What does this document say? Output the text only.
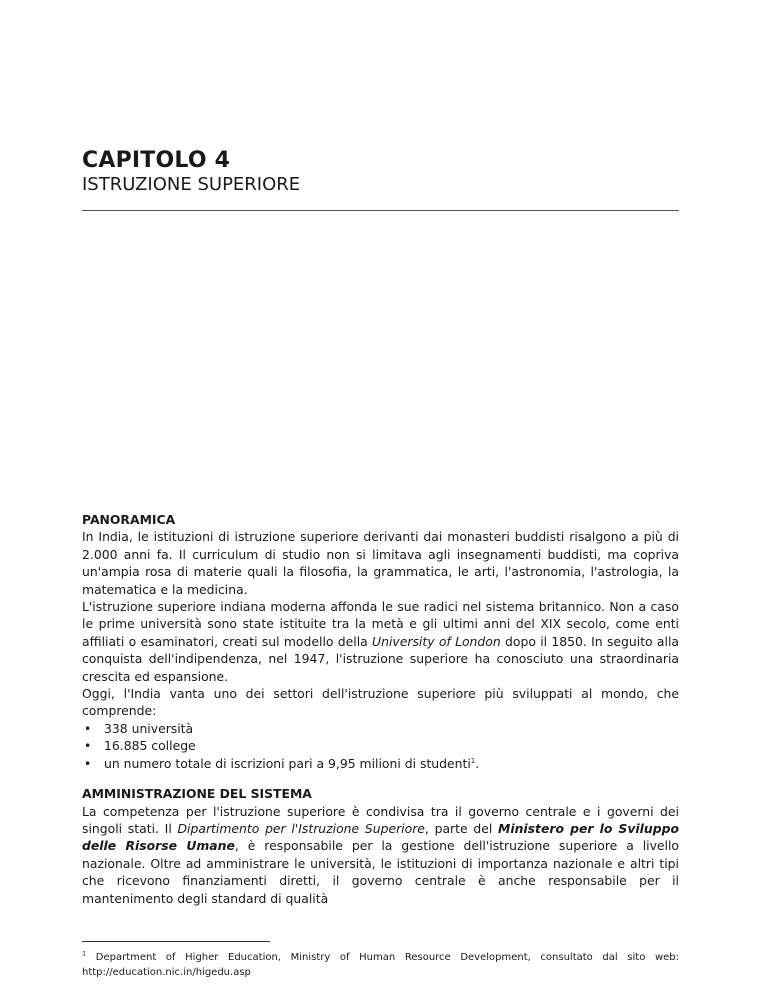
CAPITOLO 4
ISTRUZIONE SUPERIORE

PANORAMICA

In India, le istituzioni di istruzione superiore derivanti dai monasteri buddisti risalgono a più di 2.000 anni fa. Il curriculum di studio non si limitava agli insegnamenti buddisti, ma copriva un'ampia rosa di materie quali la filosofia, la grammatica, le arti, l'astronomia, l'astrologia, la matematica e la medicina.

L'istruzione superiore indiana moderna affonda le sue radici nel sistema britannico. Non a caso le prime università sono state istituite tra la metà e gli ultimi anni del XIX secolo, come enti affiliati o esaminatori, creati sul modello della University of London dopo il 1850. In seguito alla conquista dell'indipendenza, nel 1947, l'istruzione superiore ha conosciuto una straordinaria crescita ed espansione.

Oggi, l'India vanta uno dei settori dell'istruzione superiore più sviluppati al mondo, che comprende:

• 338 università
• 16.885 college
• un numero totale di iscrizioni pari a 9,95 milioni di studenti$^1$.

AMMINISTRAZIONE DEL SISTEMA

La competenza per l'istruzione superiore è condivisa tra il governo centrale e i governi dei singoli stati. Il Dipartimento per l'Istruzione Superiore, parte del Ministero per lo Sviluppo delle Risorse Umane, è responsabile per la gestione dell'istruzione superiore a livello nazionale. Oltre ad amministrare le università, le istituzioni di importanza nazionale e altri tipi che ricevono finanziamenti diretti, il governo centrale è anche responsabile per il mantenimento degli standard di qualità

$^1$ Department of Higher Education, Ministry of Human Resource Development, consultato dal sito web: http://education.nic.in/higedu.asp
